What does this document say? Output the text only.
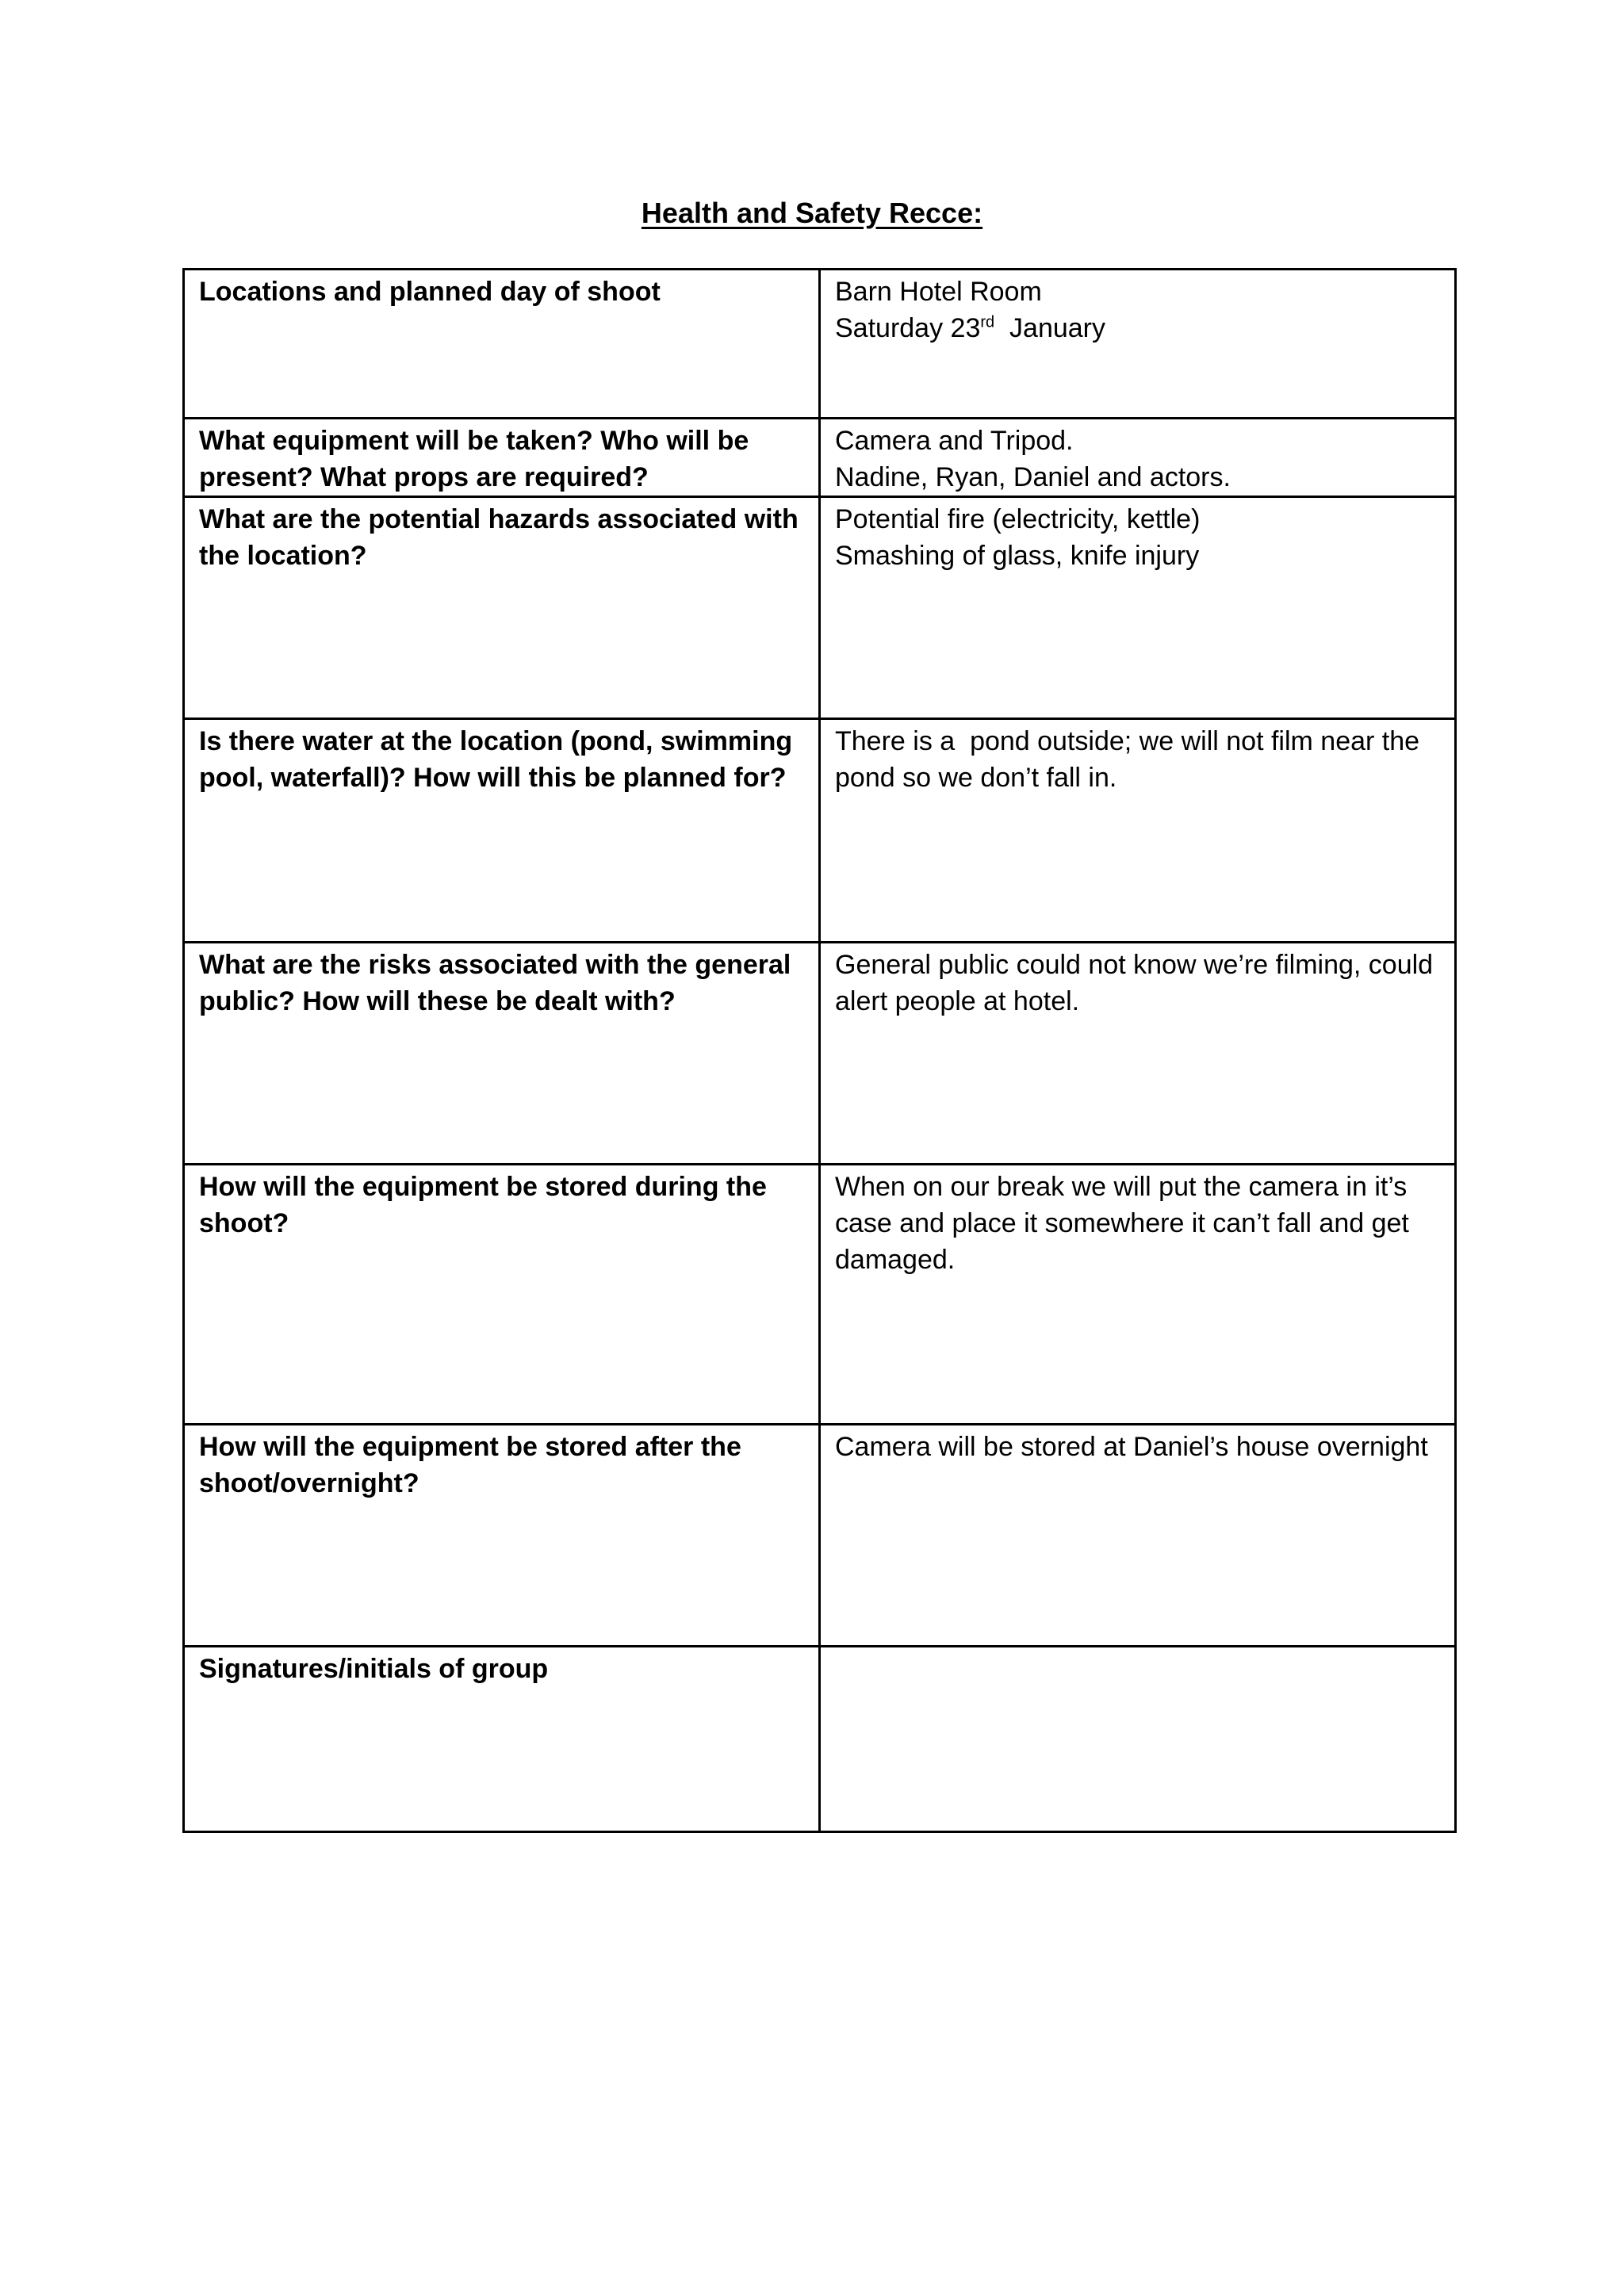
Health and Safety Recce:
Locations and planned day of shoot	Barn Hotel Room
Saturday 23rd  January

What equipment will be taken? Who will be present? What props are required?	Camera and Tripod.
Nadine, Ryan, Daniel and actors.

What are the potential hazards associated with the location?	Potential fire (electricity, kettle)
Smashing of glass, knife injury

Is there water at the location (pond, swimming pool, waterfall)? How will this be planned for?	There is a  pond outside; we will not film near the pond so we don’t fall in.

What are the risks associated with the general public? How will these be dealt with?	General public could not know we’re filming, could alert people at hotel.

How will the equipment be stored during the shoot?	When on our break we will put the camera in it’s case and place it somewhere it can’t fall and get damaged.

How will the equipment be stored after the shoot/overnight?	Camera will be stored at Daniel’s house overnight

Signatures/initials of group	
